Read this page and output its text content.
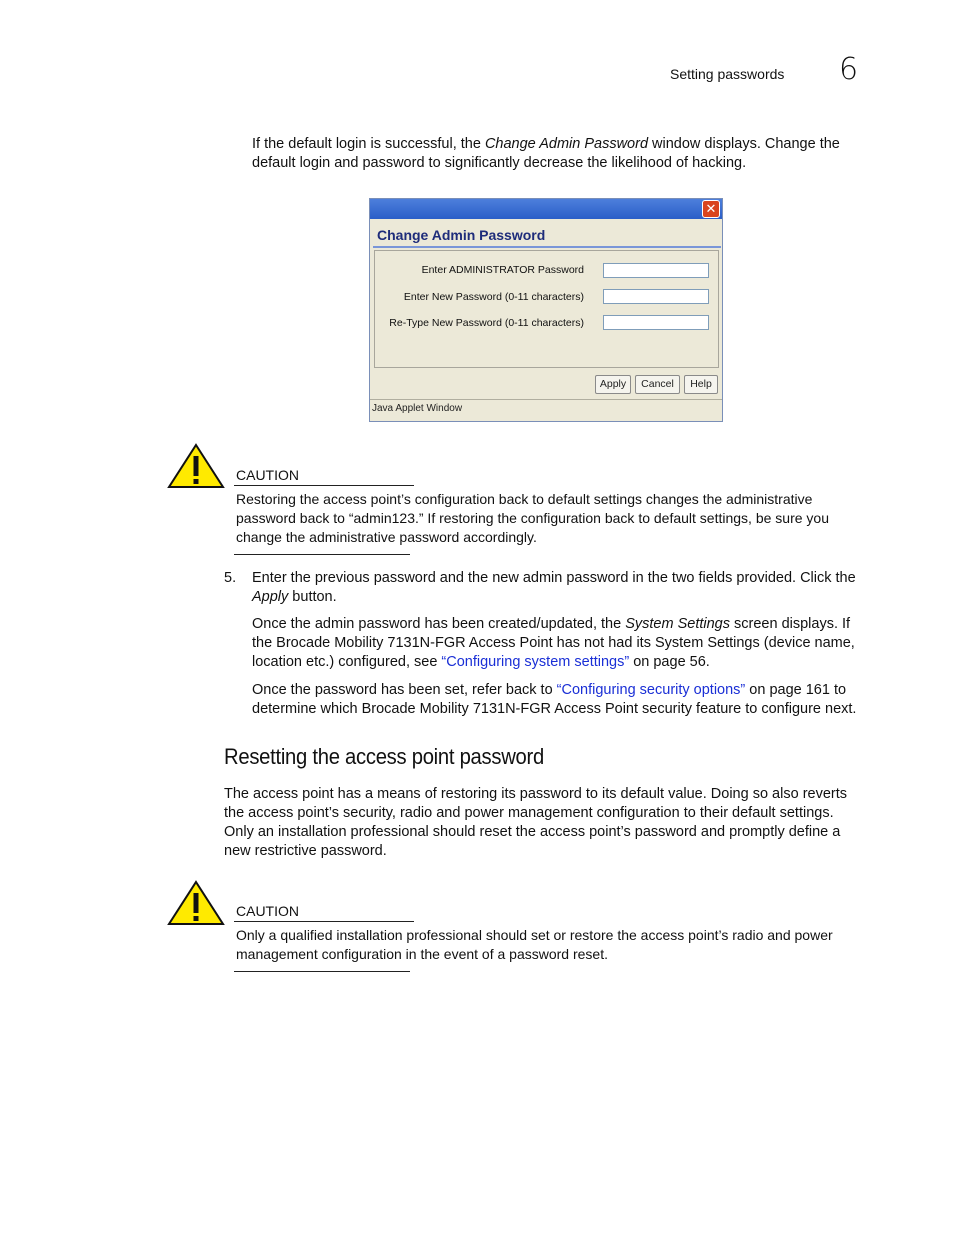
Setting passwords 6
If the default login is successful, the Change Admin Password window displays. Change the
default login and password to significantly decrease the likelihood of hacking.
✕
Change Admin Password
Enter ADMINISTRATOR Password
Enter New Password (0-11 characters)
Re-Type New Password (0-11 characters)
Apply	Cancel	Help
Java Applet Window
CAUTION
Restoring the access point’s configuration back to default settings changes the administrative
password back to “admin123.” If restoring the configuration back to default settings, be sure you
change the administrative password accordingly.
5. Enter the previous password and the new admin password in the two fields provided. Click the
Apply button.
Once the admin password has been created/updated, the System Settings screen displays. If
the Brocade Mobility 7131N-FGR Access Point has not had its System Settings (device name,
location etc.) configured, see “Configuring system settings” on page 56.
Once the password has been set, refer back to “Configuring security options” on page 161 to
determine which Brocade Mobility 7131N-FGR Access Point security feature to configure next.
Resetting the access point password
The access point has a means of restoring its password to its default value. Doing so also reverts
the access point’s security, radio and power management configuration to their default settings.
Only an installation professional should reset the access point’s password and promptly define a
new restrictive password.
CAUTION
Only a qualified installation professional should set or restore the access point’s radio and power
management configuration in the event of a password reset.
